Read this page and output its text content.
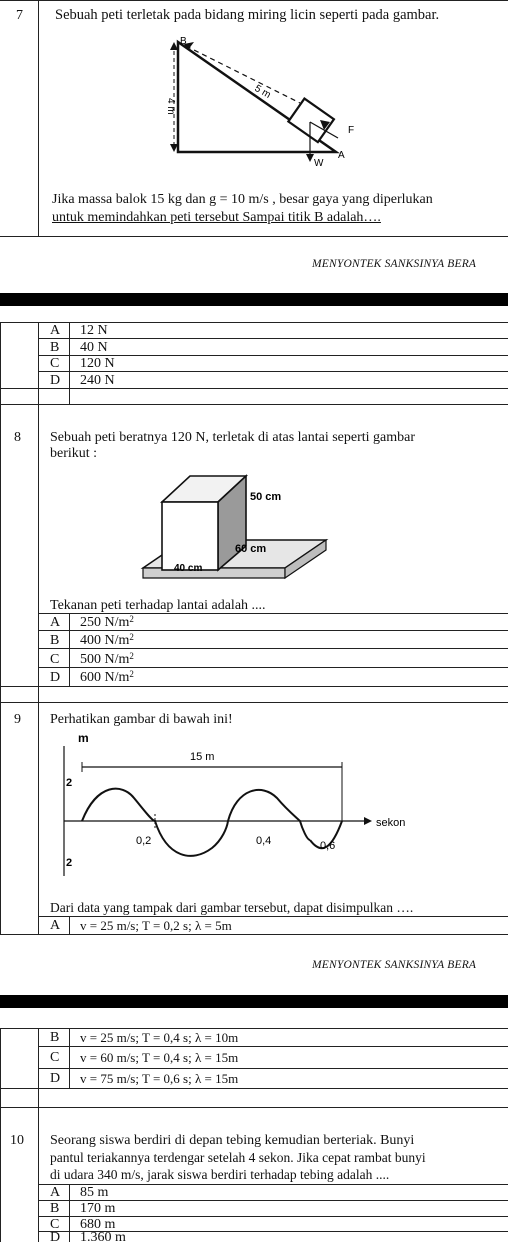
7 Sebuah peti terletak pada bidang miring licin seperti pada gambar.
B
4 m
5 m
F
A
W
Jika massa balok 15 kg dan g = 10 m/s , besar gaya yang diperlukan
untuk memindahkan peti tersebut Sampai titik B adalah….
MENYONTEK SANKSINYA BERA
A 12 N
B 40 N
C 120 N
D 240 N
8 Sebuah peti beratnya 120 N, terletak di atas lantai seperti gambar
berikut :
50 cm
60 cm
40 cm
Tekanan peti terhadap lantai adalah ....
A 250 $N/m^2$
B 400 $N/m^2$
C 500 $N/m^2$
D 600 $N/m^2$
9 Perhatikan gambar di bawah ini!
m
15 m
2
2
0,2	0,4	0,6
sekon
Dari data yang tampak dari gambar tersebut, dapat disimpulkan ….
A v = 25 m/s; T = 0,2 s; λ = 5m
MENYONTEK SANKSINYA BERA
B v = 25 m/s; T = 0,4 s; λ = 10m
C v = 60 m/s; T = 0,4 s; λ = 15m
D v = 75 m/s; T = 0,6 s; λ = 15m
10 Seorang siswa berdiri di depan tebing kemudian berteriak. Bunyi
pantul teriakannya terdengar setelah 4 sekon. Jika cepat rambat bunyi
di udara 340 m/s, jarak siswa berdiri terhadap tebing adalah ....
A 85 m
B 170 m
C 680 m
D 1.360 m
